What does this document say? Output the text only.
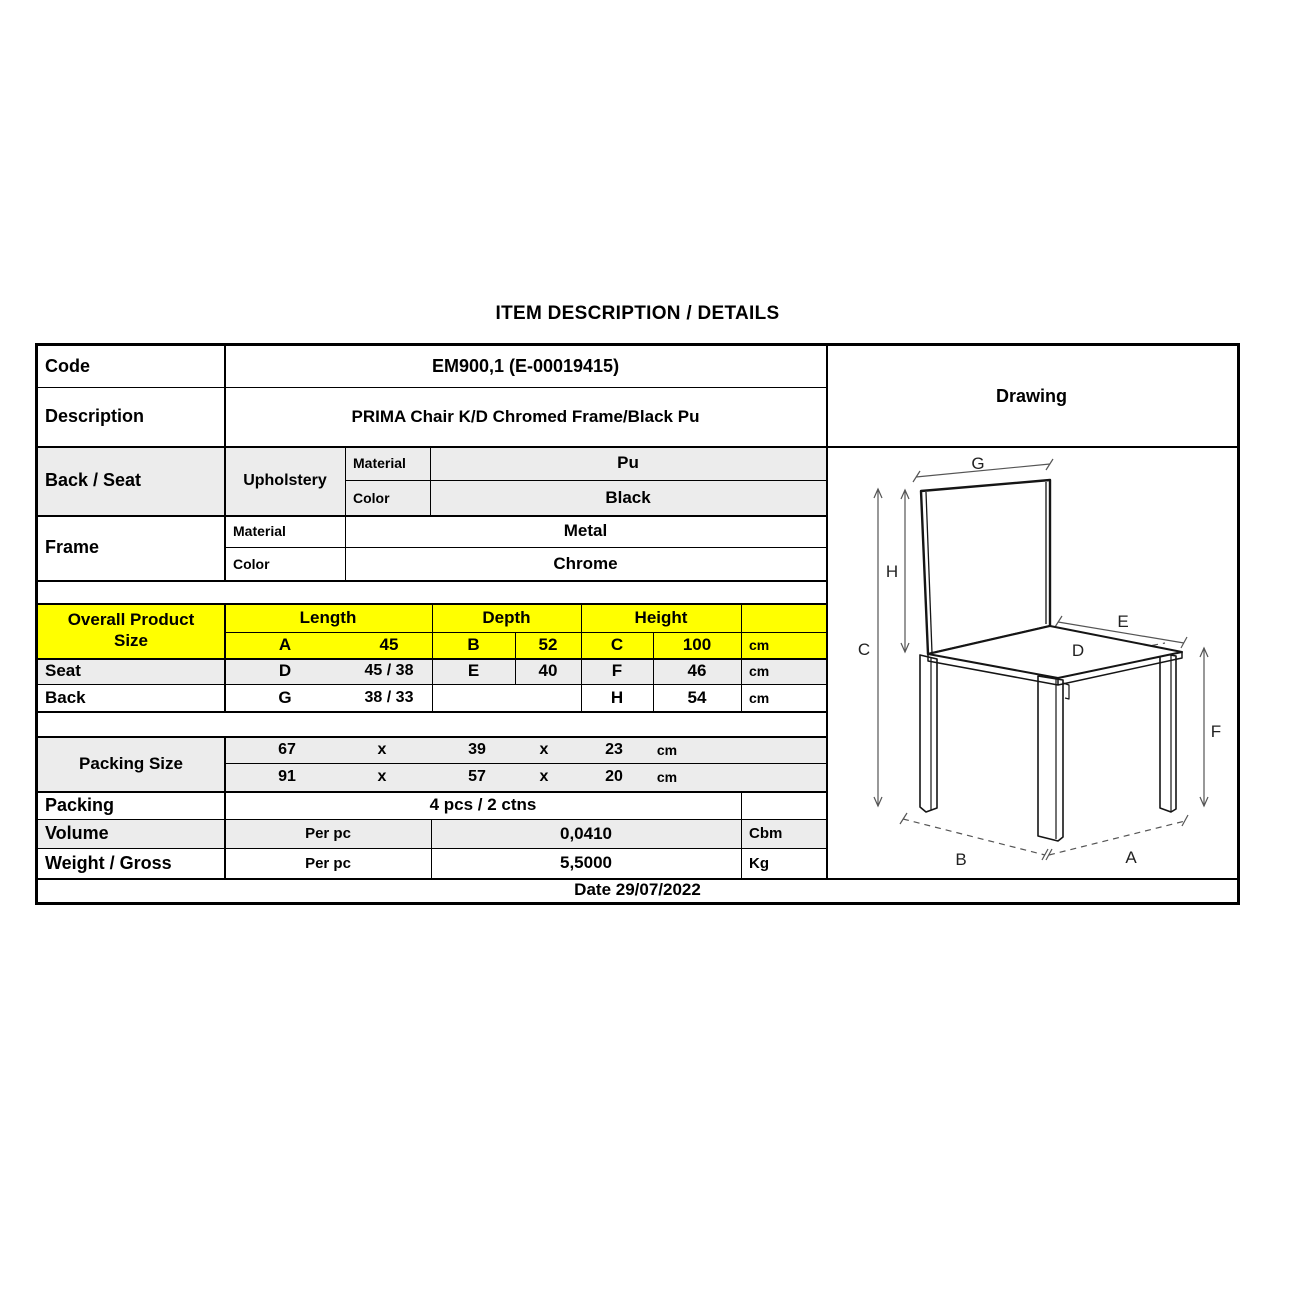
ITEM DESCRIPTION / DETAILS
Code	EM900,1 (E-00019415)
Description	PRIMA Chair K/D Chromed Frame/Black Pu
Back / Seat	Upholstery
Material	Pu
Color	Black
Frame
Material	Metal
Color	Chrome
Overall Product
Size
Length	Depth	Height
A	45	B	52	C	100	cm
Seat	D	45 / 38	E	40	F	46	cm
Back	G	38 / 33	H	54	cm
Packing Size
67	x	39	x	23	cm
91	x	57	x	20	cm
Packing	4 pcs / 2 ctns
Volume	Per pc	0,0410	Cbm
Weight / Gross	Per pc	5,5000	Kg
Date 29/07/2022
Drawing
C
H
G
E
D
F
B	A
